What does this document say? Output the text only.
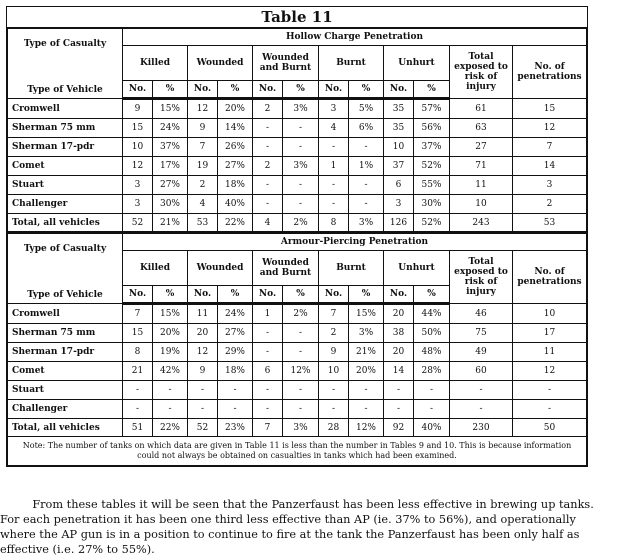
Table 11
Type of Casualty
Type of Vehicle	Hollow Charge Penetration											
	Killed		Wounded		Wounded and Burnt		Burnt		Unhurt		Total exposed to risk of injury	No. of penetrations
	No.	%	No.	%	No.	%	No.	%	No.	%		
Cromwell	9	15%	12	20%	2	3%	3	5%	35	57%	61	15
Sherman 75 mm	15	24%	9	14%	-	-	4	6%	35	56%	63	12
Sherman 17-pdr	10	37%	7	26%	-	-	-	-	10	37%	27	7
Comet	12	17%	19	27%	2	3%	1	1%	37	52%	71	14
Stuart	3	27%	2	18%	-	-	-	-	6	55%	11	3
Challenger	3	30%	4	40%	-	-	-	-	3	30%	10	2
Total, all vehicles	52	21%	53	22%	4	2%	8	3%	126	52%	243	53

Type of Casualty
Type of Vehicle	Armour-Piercing Penetration											
	Killed		Wounded		Wounded and Burnt		Burnt		Unhurt		Total exposed to risk of injury	No. of penetrations
	No.	%	No.	%	No.	%	No.	%	No.	%		
Cromwell	7	15%	11	24%	1	2%	7	15%	20	44%	46	10
Sherman 75 mm	15	20%	20	27%	-	-	2	3%	38	50%	75	17
Sherman 17-pdr	8	19%	12	29%	-	-	9	21%	20	48%	49	11
Comet	21	42%	9	18%	6	12%	10	20%	14	28%	60	12
Stuart	-	-	-	-	-	-	-	-	-	-	-	-
Challenger	-	-	-	-	-	-	-	-	-	-	-	-
Total, all vehicles	51	22%	52	23%	7	3%	28	12%	92	40%	230	50
Note: The number of tanks on which data are given in Table 11 is less than the number in Tables 9 and 10. This is because information could not always be obtained on casualties in tanks which had been examined.												

From these tables it will be seen that the Panzerfaust has been less effective in brewing up tanks.

For each penetration it has been one third less effective than AP (ie. 37% to 56%), and operationally

where the AP gun is in a position to continue to fire at the tank the Panzerfaust has been only half as

effective (i.e. 27% to 55%).
